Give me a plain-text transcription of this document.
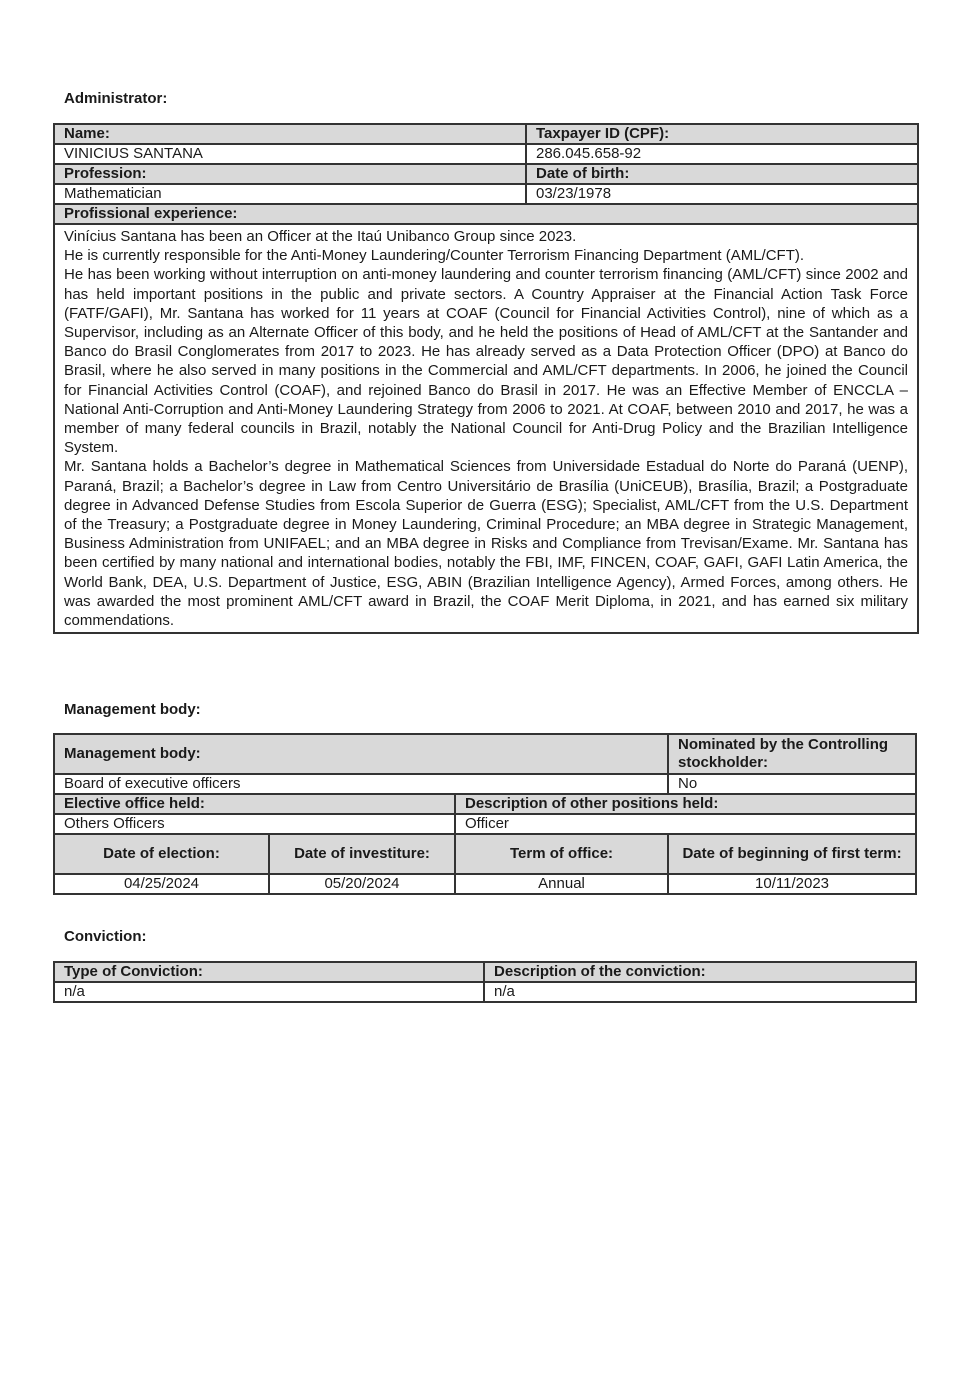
Administrator:
Name:	Taxpayer ID (CPF):
VINICIUS SANTANA	286.045.658-92
Profession:	Date of birth:
Mathematician	03/23/1978
Profissional experience:	

Vinícius Santana has been an Officer at the Itaú Unibanco Group since 2023.

He is currently responsible for the Anti-Money Laundering/Counter Terrorism Financing Department (AML/CFT).

He has been working without interruption on anti-money laundering and counter terrorism financing (AML/CFT) since 2002 and has held important positions in the public and private sectors. A Country Appraiser at the Financial Action Task Force (FATF/GAFI), Mr. Santana has worked for 11 years at COAF (Council for Financial Activities Control), nine of which as a Supervisor, including as an Alternate Officer of this body, and he held the positions of Head of AML/CFT at the Santander and Banco do Brasil Conglomerates from 2017 to 2023. He has already served as a Data Protection Officer (DPO) at Banco do Brasil, where he also served in many positions in the Commercial and AML/CFT departments. In 2006, he joined the Council for Financial Activities Control (COAF), and rejoined Banco do Brasil in 2017. He was an Effective Member of ENCCLA – National Anti-Corruption and Anti-Money Laundering Strategy from 2006 to 2021. At COAF, between 2010 and 2017, he was a member of many federal councils in Brazil, notably the National Council for Anti-Drug Policy and the Brazilian Intelligence System.

Mr. Santana holds a Bachelor’s degree in Mathematical Sciences from Universidade Estadual do Norte do Paraná (UENP), Paraná, Brazil; a Bachelor’s degree in Law from Centro Universitário de Brasília (UniCEUB), Brasília, Brazil; a Postgraduate degree in Advanced Defense Studies from Escola Superior de Guerra (ESG); Specialist, AML/CFT from the U.S. Department of the Treasury; a Postgraduate degree in Money Laundering, Criminal Procedure; an MBA degree in Strategic Management, Business Administration from UNIFAEL; and an MBA degree in Risks and Compliance from Trevisan/Exame. Mr. Santana has been certified by many national and international bodies, notably the FBI, IMF, FINCEN, COAF, GAFI, GAFI Latin America, the World Bank, DEA, U.S. Department of Justice, ESG, ABIN (Brazilian Intelligence Agency), Armed Forces, among others. He was awarded the most prominent AML/CFT award in Brazil, the COAF Merit Diploma, in 2021, and has earned six military commendations.	

Management body:
Management body:			Nominated by the Controlling stockholder:
Board of executive officers			No
Elective office held:		Description of other positions held:	
Others Officers		Officer	
Date of election:	Date of investiture:	Term of office:	Date of beginning of first term:
04/25/2024	05/20/2024	Annual	10/11/2023
Conviction:
Type of Conviction:	Description of the conviction:
n/a	n/a
